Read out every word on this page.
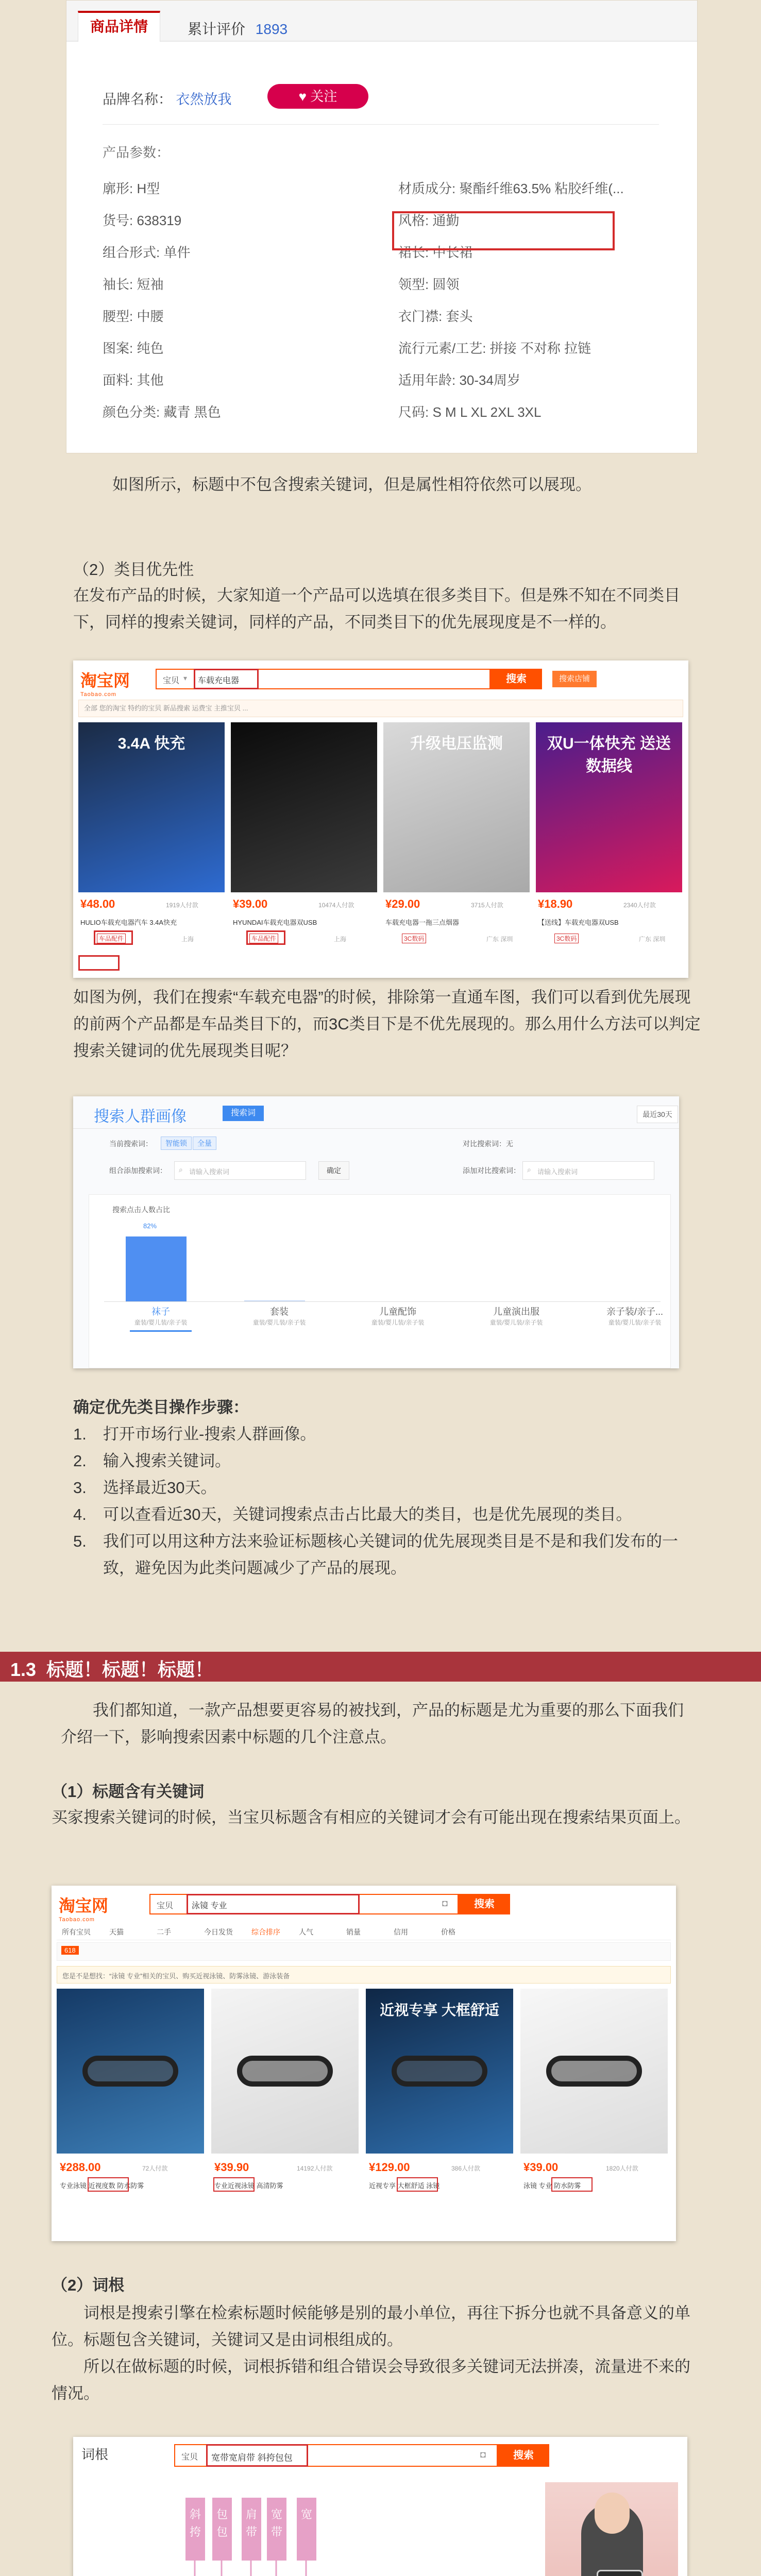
商品详情	累计评价 1893
品牌名称： 衣然放我	♥ 关注
产品参数：
廓形: H型	材质成分: 聚酯纤维63.5% 粘胶纤维(...
货号: 638319	风格: 通勤
组合形式: 单件	裙长: 中长裙
袖长: 短袖	领型: 圆领
腰型: 中腰	衣门襟: 套头
图案: 纯色	流行元素/工艺: 拼接 不对称 拉链
面料: 其他	适用年龄: 30-34周岁
颜色分类: 藏青 黑色	尺码: S M L XL 2XL 3XL
如图所示，标题中不包含搜索关键词，但是属性相符依然可以展现。
（2）类目优先性
在发布产品的时候，大家知道一个产品可以选填在很多类目下。但是殊不知在不同类目下，同样的搜索关键词，同样的产品，不同类目下的优先展现度是不一样的。
淘宝网
Taobao.com
宝贝 ▾ 车载充电器	搜索	搜索店铺
全部 您的淘宝 特约的宝贝 新品搜索 运费宝 主推宝贝 ...
3.4A 快充
¥48.00	1919人付款
HULIO车载充电器汽车 3.4A快充
上海
车品配件
¥39.00	10474人付款
HYUNDAI车载充电器双USB
上海
车品配件
升级电压监测
¥29.00	3715人付款
车载充电器一拖三点烟器
广东 深圳
3C数码
双U一体快充 送送数据线
¥18.90	2340人付款
【送线】车载充电器双USB
广东 深圳
3C数码
如图为例，我们在搜索“车载充电器”的时候，排除第一直通车图，我们可以看到优先展现的前两个产品都是车品类目下的，而3C类目下是不优先展现的。那么用什么方法可以判定搜索关键词的优先展现类目呢？
搜索人群画像	搜索词	最近30天
当前搜索词：	智能锁	全量	对比搜索词：无
组合添加搜索词： ⌕ 请输入搜索词	确定	添加对比搜索词： ⌕ 请输入搜索词
搜索点击人数占比
82%
袜子
童装/婴儿装/亲子装
套装
童装/婴儿装/亲子装
儿童配饰
童装/婴儿装/亲子装
儿童演出服
童装/婴儿装/亲子装
亲子装/亲子...
童装/婴儿装/亲子装
确定优先类目操作步骤：
1. 打开市场行业-搜索人群画像。
2. 输入搜索关键词。
3. 选择最近30天。
4. 可以查看近30天，关键词搜索点击占比最大的类目，也是优先展现的类目。
5. 我们可以用这种方法来验证标题核心关键词的优先展现类目是不是和我们发布的一致，避免因为此类问题减少了产品的展现。
1.3  标题！标题！标题！
我们都知道，一款产品想要更容易的被找到，产品的标题是尤为重要的那么下面我们介绍一下，影响搜索因素中标题的几个注意点。
（1）标题含有关键词
买家搜索关键词的时候，当宝贝标题含有相应的关键词才会有可能出现在搜索结果页面上。
淘宝网
Taobao.com
宝贝 泳镜 专业	◘	搜索
所有宝贝	天猫	二手	今日发货	综合排序	人气	销量	信用	价格
618
您是不是想找：“泳镜 专业”相关的宝贝、购买近视泳镜、防雾泳镜、游泳装备
¥288.00	72人付款
专业泳镜 近视度数 防水防雾
¥39.90	14192人付款
专业近视泳镜 高清防雾
近视专享 大框舒适
¥129.00	386人付款
近视专享 大框舒适 泳镜
¥39.00	1820人付款
泳镜 专业 防水防雾
（2）词根
词根是搜索引擎在检索标题时候能够是别的最小单位，再往下拆分也就不具备意义的单位。标题包含关键词，关键词又是由词根组成的。
所以在做标题的时候，词根拆错和组合错误会导致很多关键词无法拼凑，流量进不来的情况。
词根	宝贝 宽带宽肩带 斜挎包包	◘	搜索
斜
挎
包
包
肩
带
宽
带
宽
